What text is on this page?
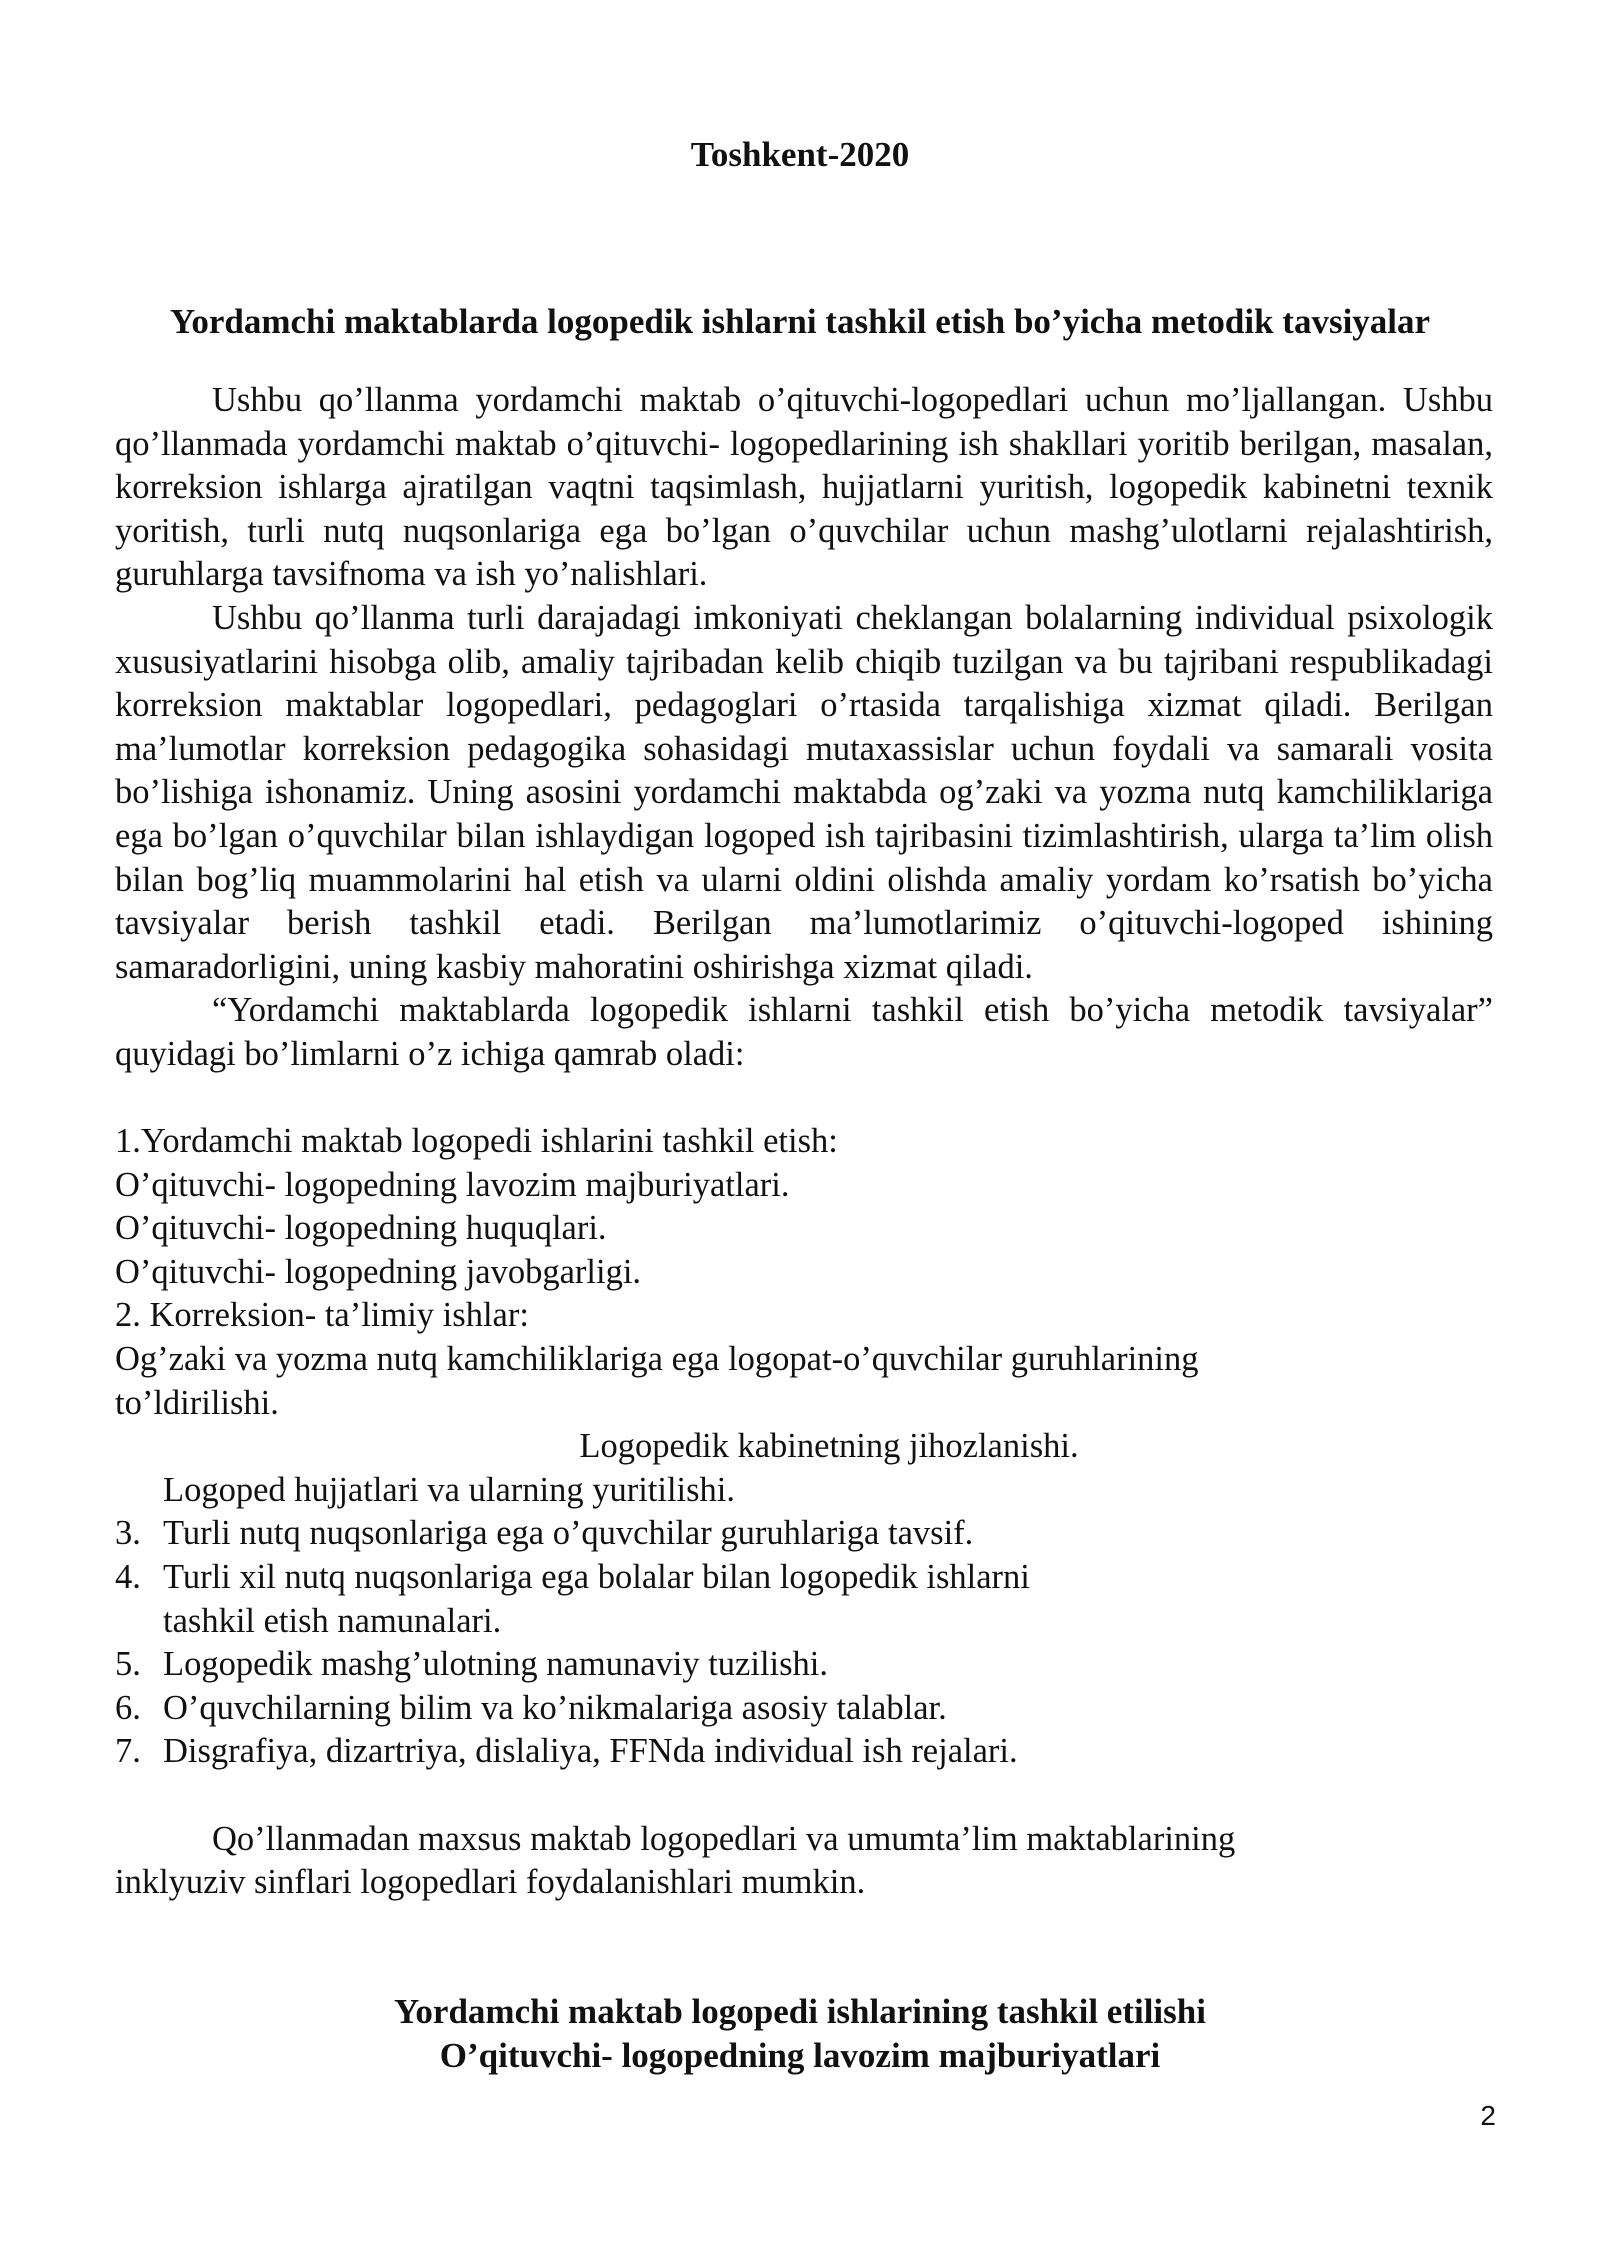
Toshkent-2020
Yordamchi maktablarda logopedik ishlarni tashkil etish bo’yicha metodik tavsiyalar

Ushbu qo’llanma yordamchi maktab o’qituvchi-logopedlari uchun mo’ljallangan. Ushbu qo’llanmada yordamchi maktab o’qituvchi- logopedlarining ish shakllari yoritib berilgan, masalan, korreksion ishlarga ajratilgan vaqtni taqsimlash, hujjatlarni yuritish, logopedik kabinetni texnik yoritish, turli nutq nuqsonlariga ega bo’lgan o’quvchilar uchun mashg’ulotlarni rejalashtirish, guruhlarga tavsifnoma va ish yo’nalishlari.

Ushbu qo’llanma turli darajadagi imkoniyati cheklangan bolalarning individual psixologik xususiyatlarini hisobga olib, amaliy tajribadan kelib chiqib tuzilgan va bu tajribani respublikadagi korreksion maktablar logopedlari, pedagoglari o’rtasida tarqalishiga xizmat qiladi. Berilgan ma’lumotlar korreksion pedagogika sohasidagi mutaxassislar uchun foydali va samarali vosita bo’lishiga ishonamiz. Uning asosini yordamchi maktabda og’zaki va yozma nutq kamchiliklariga ega bo’lgan o’quvchilar bilan ishlaydigan logoped ish tajribasini tizimlashtirish, ularga ta’lim olish bilan bog’liq muammolarini hal etish va ularni oldini olishda amaliy yordam ko’rsatish bo’yicha tavsiyalar berish tashkil etadi. Berilgan ma’lumotlarimiz o’qituvchi-logoped ishining samaradorligini, uning kasbiy mahoratini oshirishga xizmat qiladi.

“Yordamchi maktablarda logopedik ishlarni tashkil etish bo’yicha metodik tavsiyalar” quyidagi bo’limlarni o’z ichiga qamrab oladi:

1.Yordamchi maktab logopedi ishlarini tashkil etish:
O’qituvchi- logopedning lavozim majburiyatlari.
O’qituvchi- logopedning huquqlari.
O’qituvchi- logopedning javobgarligi.
2. Korreksion- ta’limiy ishlar:
Og’zaki va yozma nutq kamchiliklariga ega logopat-o’quvchilar guruhlarining
to’ldirilishi.
Logopedik kabinetning jihozlanishi.
Logoped hujjatlari va ularning yuritilishi.
3. Turli nutq nuqsonlariga ega o’quvchilar guruhlariga tavsif.
4. Turli xil nutq nuqsonlariga ega bolalar bilan logopedik ishlarni
tashkil etish namunalari.
5. Logopedik mashg’ulotning namunaviy tuzilishi.
6. O’quvchilarning bilim va ko’nikmalariga asosiy talablar.
7. Disgrafiya, dizartriya, dislaliya, FFNda individual ish rejalari.
Qo’llanmadan maxsus maktab logopedlari va umumta’lim maktablarining
inklyuziv sinflari logopedlari foydalanishlari mumkin.
Yordamchi maktab logopedi ishlarining tashkil etilishi
O’qituvchi- logopedning lavozim majburiyatlari
2
